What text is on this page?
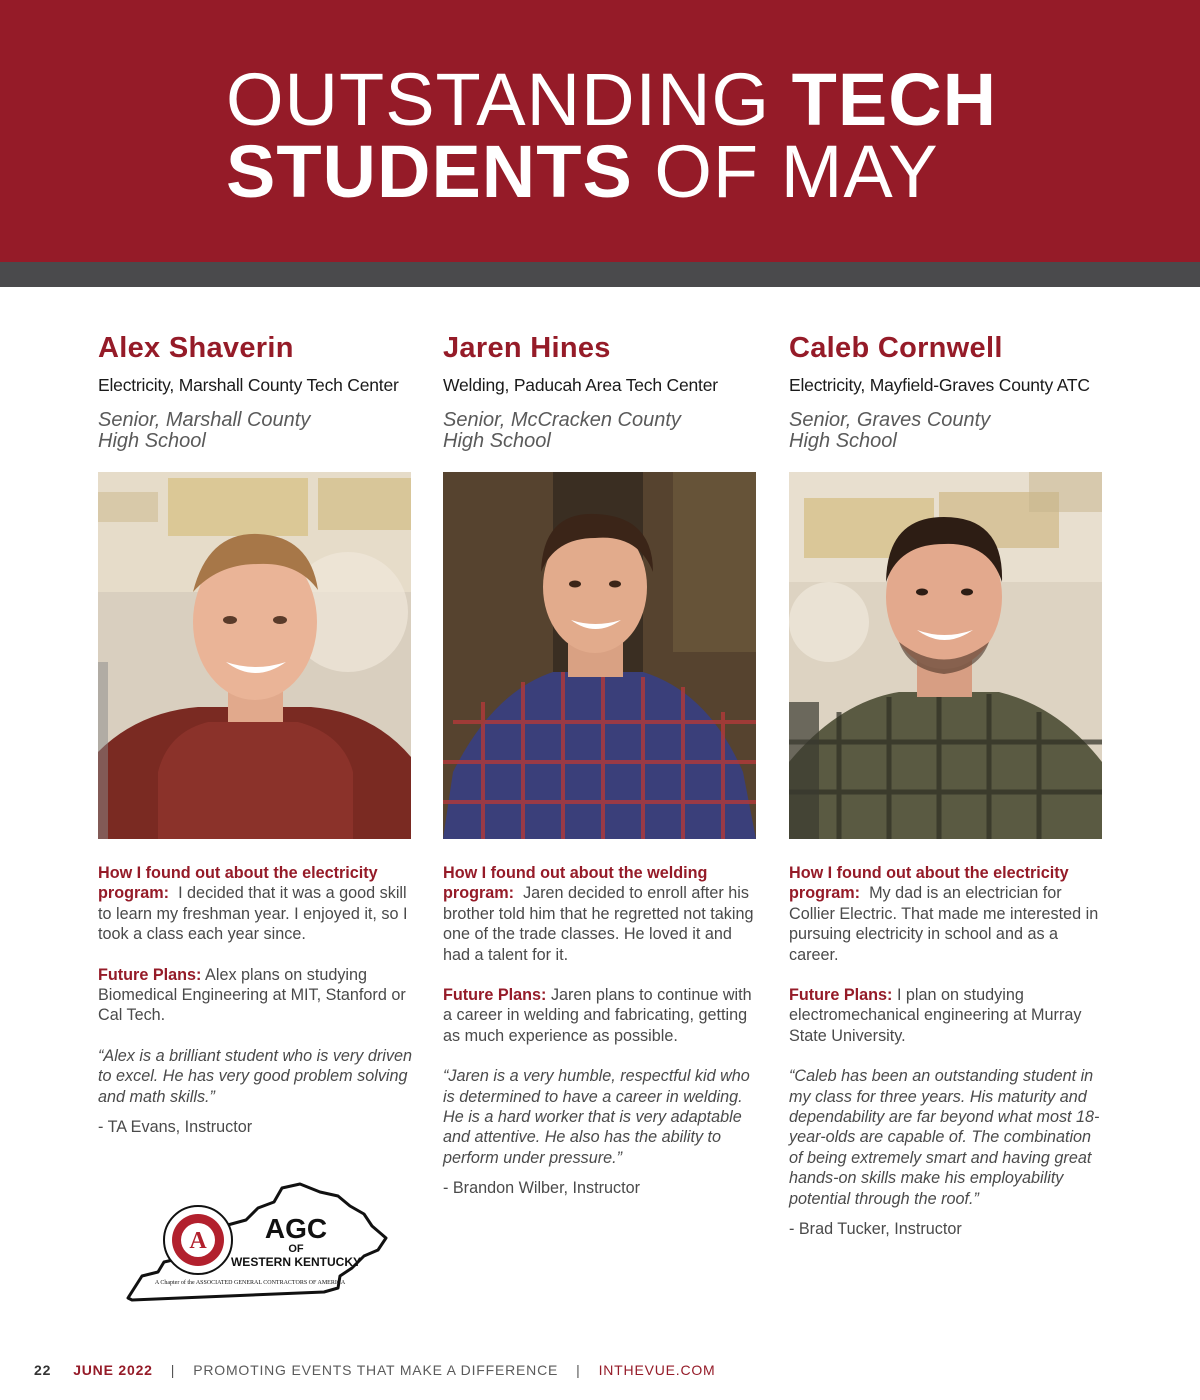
OUTSTANDING TECH
STUDENTS OF MAY
Alex Shaverin
Electricity, Marshall County Tech Center
Senior, Marshall County
High School

How I found out about the electricity program: I decided that it was a good skill to learn my freshman year. I enjoyed it, so I took a class each year since.

Future Plans: Alex plans on studying Biomedical Engineering at MIT, Stanford or Cal Tech.

“Alex is a brilliant student who is very driven to excel. He has very good problem solving and math skills.”

- TA Evans, Instructor

Jaren Hines
Welding, Paducah Area Tech Center
Senior, McCracken County
High School

How I found out about the welding program: Jaren decided to enroll after his brother told him that he regretted not taking one of the trade classes. He loved it and had a talent for it.

Future Plans: Jaren plans to continue with a career in welding and fabricating, getting as much experience as possible.

“Jaren is a very humble, respectful kid who is determined to have a career in welding. He is a hard worker that is very adaptable and attentive. He also has the ability to perform under pressure.”

- Brandon Wilber, Instructor

Caleb Cornwell
Electricity, Mayfield-Graves County ATC
Senior, Graves County
High School

How I found out about the electricity program: My dad is an electrician for Collier Electric. That made me interested in pursuing electricity in school and as a career.

Future Plans: I plan on studying electromechanical engineering at Murray State University.

“Caleb has been an outstanding student in my class for three years. His maturity and dependability are far beyond what most 18-year-olds are capable of. The combination of being extremely smart and having great hands-on skills make his employability potential through the roof.”

- Brad Tucker, Instructor

A AGC
OF
WESTERN KENTUCKY
A Chapter of the ASSOCIATED GENERAL CONTRACTORS OF AMERICA
22 JUNE 2022 | PROMOTING EVENTS THAT MAKE A DIFFERENCE | INTHEVUE.COM
